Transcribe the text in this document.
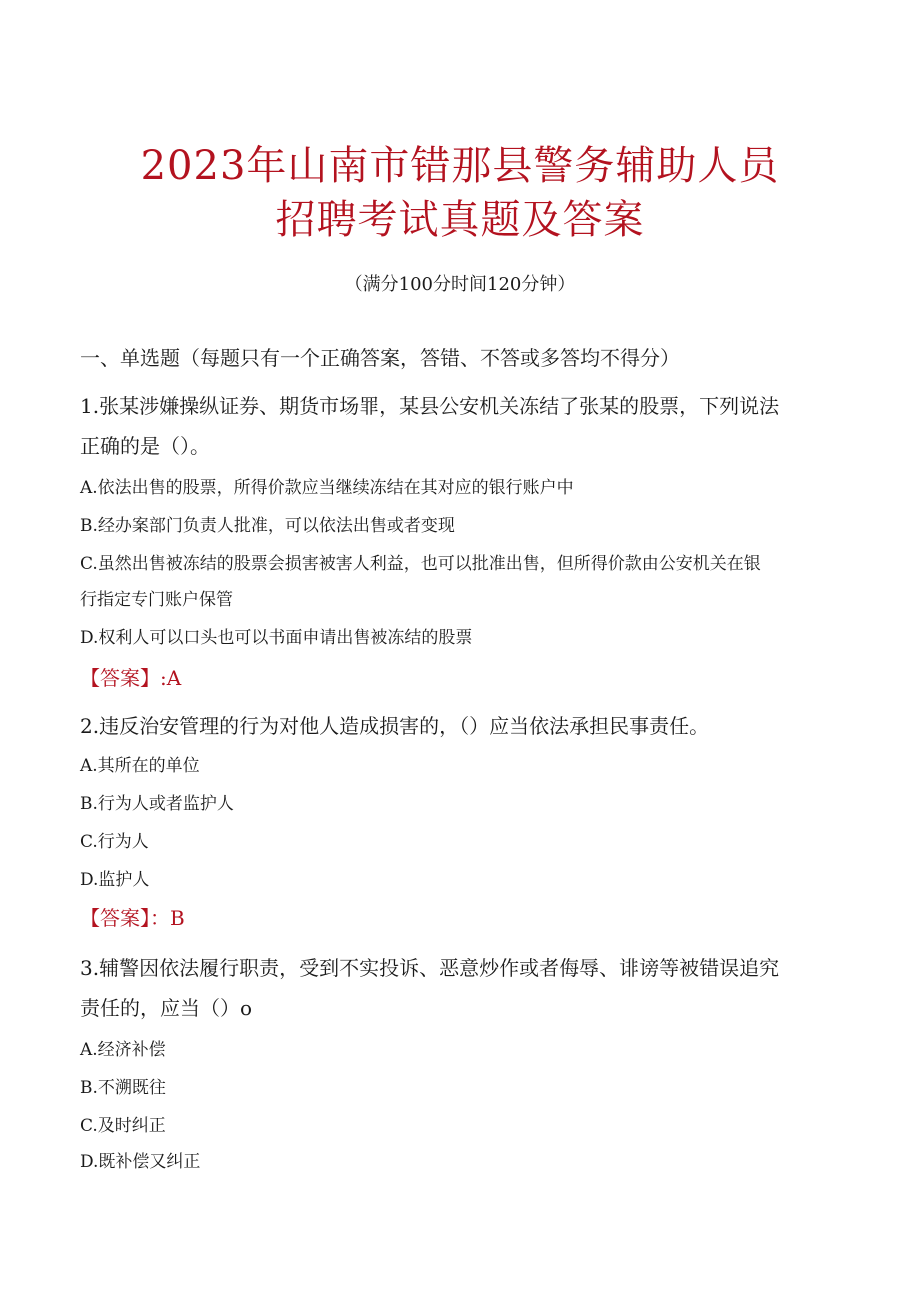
2023年山南市错那县警务辅助人员
招聘考试真题及答案
（满分100分时间120分钟）
一、单选题（每题只有一个正确答案，答错、不答或多答均不得分）
1.张某涉嫌操纵证券、期货市场罪，某县公安机关冻结了张某的股票，下列说法
正确的是（）。
A.依法出售的股票，所得价款应当继续冻结在其对应的银行账户中
B.经办案部门负责人批准，可以依法出售或者变现
C.虽然出售被冻结的股票会损害被害人利益，也可以批准出售，但所得价款由公安机关在银
行指定专门账户保管
D.权利人可以口头也可以书面申请出售被冻结的股票
【答案】:A
2.违反治安管理的行为对他人造成损害的，（）应当依法承担民事责任。
A.其所在的单位
B.行为人或者监护人
C.行为人
D.监护人
【答案】：B
3.辅警因依法履行职责，受到不实投诉、恶意炒作或者侮辱、诽谤等被错误追究
责任的，应当（）o
A.经济补偿
B.不溯既往
C.及时纠正
D.既补偿又纠正
